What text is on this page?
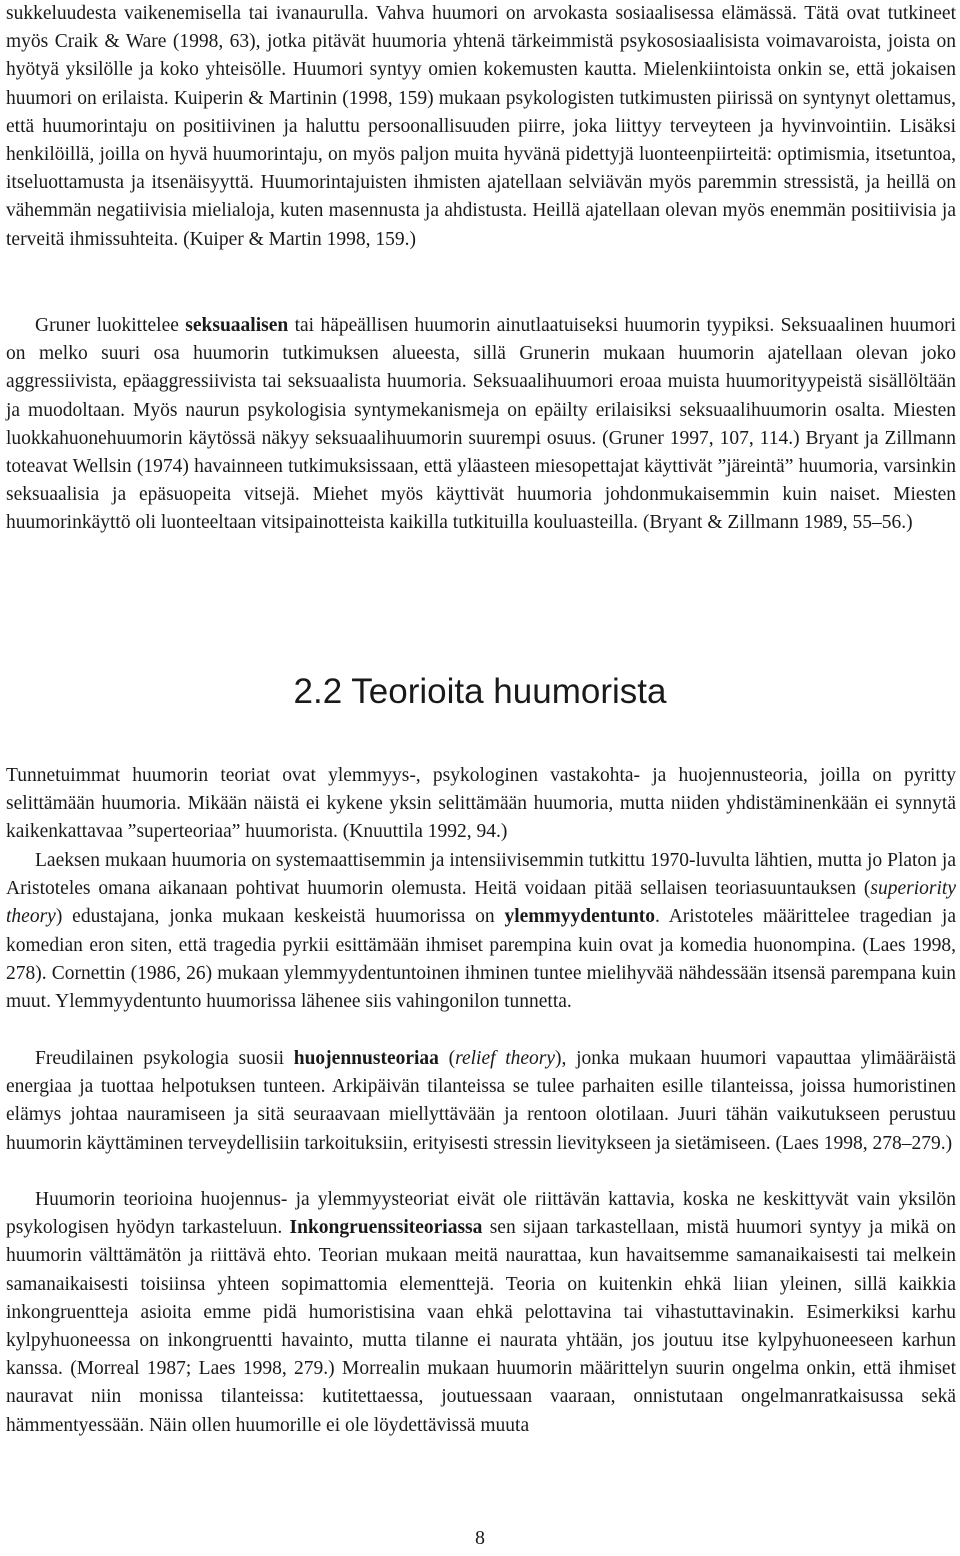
sukkeluudesta vaikenemisella tai ivanaurulla. Vahva huumori on arvokasta sosiaalisessa elämässä. Tätä ovat tutkineet myös Craik & Ware (1998, 63), jotka pitävät huumoria yhtenä tärkeimmistä psykososiaalisista voimavaroista, joista on hyötyä yksilölle ja koko yhteisölle. Huumori syntyy omien kokemusten kautta. Mielenkiintoista onkin se, että jokaisen huumori on erilaista. Kuiperin & Martinin (1998, 159) mukaan psykologisten tutkimusten piirissä on syntynyt olettamus, että huumorintaju on positiivinen ja haluttu persoonallisuuden piirre, joka liittyy terveyteen ja hyvinvointiin. Lisäksi henkilöillä, joilla on hyvä huumorintaju, on myös paljon muita hyvänä pidettyjä luonteenpiirteitä: optimismia, itsetuntoa, itseluottamusta ja itsenäisyyttä. Huumorintajuisten ihmisten ajatellaan selviävän myös paremmin stressistä, ja heillä on vähemmän negatiivisia mielialoja, kuten masennusta ja ahdistusta. Heillä ajatellaan olevan myös enemmän positiivisia ja terveitä ihmissuhteita. (Kuiper & Martin 1998, 159.)

Gruner luokittelee seksuaalisen tai häpeällisen huumorin ainutlaatuiseksi huumorin tyypiksi. Seksuaalinen huumori on melko suuri osa huumorin tutkimuksen alueesta, sillä Grunerin mukaan huumorin ajatellaan olevan joko aggressiivista, epäaggressiivista tai seksuaalista huumoria. Seksuaalihuumori eroaa muista huumorityypeistä sisällöltään ja muodoltaan. Myös naurun psykologisia syntymekanismeja on epäilty erilaisiksi seksuaalihuumorin osalta. Miesten luokkahuonehuumorin käytössä näkyy seksuaalihuumorin suurempi osuus. (Gruner 1997, 107, 114.) Bryant ja Zillmann toteavat Wellsin (1974) havainneen tutkimuksissaan, että yläasteen miesopettajat käyttivät ”järeintä” huumoria, varsinkin seksuaalisia ja epäsuopeita vitsejä. Miehet myös käyttivät huumoria johdonmukaisemmin kuin naiset. Miesten huumorinkäyttö oli luonteeltaan vitsipainotteista kaikilla tutkituilla kouluasteilla. (Bryant & Zillmann 1989, 55–56.)

2.2 Teorioita huumorista

Tunnetuimmat huumorin teoriat ovat ylemmyys-, psykologinen vastakohta- ja huojennusteoria, joilla on pyritty selittämään huumoria. Mikään näistä ei kykene yksin selittämään huumoria, mutta niiden yhdistäminenkään ei synnytä kaikenkattavaa ”superteoriaa” huumorista. (Knuuttila 1992, 94.)

Laeksen mukaan huumoria on systemaattisemmin ja intensiivisemmin tutkittu 1970-luvulta lähtien, mutta jo Platon ja Aristoteles omana aikanaan pohtivat huumorin olemusta. Heitä voidaan pitää sellaisen teoriasuuntauksen (superiority theory) edustajana, jonka mukaan keskeistä huumorissa on ylemmyydentunto. Aristoteles määrittelee tragedian ja komedian eron siten, että tragedia pyrkii esittämään ihmiset parempina kuin ovat ja komedia huonompina. (Laes 1998, 278). Cornettin (1986, 26) mukaan ylemmyydentuntoinen ihminen tuntee mielihyvää nähdessään itsensä parempana kuin muut. Ylemmyydentunto huumorissa lähenee siis vahingonilon tunnetta.

Freudilainen psykologia suosii huojennusteoriaa (relief theory), jonka mukaan huumori vapauttaa ylimääräistä energiaa ja tuottaa helpotuksen tunteen. Arkipäivän tilanteissa se tulee parhaiten esille tilanteissa, joissa humoristinen elämys johtaa nauramiseen ja sitä seuraavaan miellyttävään ja rentoon olotilaan. Juuri tähän vaikutukseen perustuu huumorin käyttäminen terveydellisiin tarkoituksiin, erityisesti stressin lievitykseen ja sietämiseen. (Laes 1998, 278–279.)

Huumorin teorioina huojennus- ja ylemmyysteoriat eivät ole riittävän kattavia, koska ne keskittyvät vain yksilön psykologisen hyödyn tarkasteluun. Inkongruenssiteoriassa sen sijaan tarkastellaan, mistä huumori syntyy ja mikä on huumorin välttämätön ja riittävä ehto. Teorian mukaan meitä naurattaa, kun havaitsemme samanaikaisesti tai melkein samanaikaisesti toisiinsa yhteen sopimattomia elementtejä. Teoria on kuitenkin ehkä liian yleinen, sillä kaikkia inkongruentteja asioita emme pidä humoristisina vaan ehkä pelottavina tai vihastuttavinakin. Esimerkiksi karhu kylpyhuoneessa on inkongruentti havainto, mutta tilanne ei naurata yhtään, jos joutuu itse kylpyhuoneeseen karhun kanssa. (Morreal 1987; Laes 1998, 279.) Morrealin mukaan huumorin määrittelyn suurin ongelma onkin, että ihmiset nauravat niin monissa tilanteissa: kutitettaessa, joutuessaan vaaraan, onnistutaan ongelmanratkaisussa sekä hämmentyessään. Näin ollen huumorille ei ole löydettävissä muuta

8
